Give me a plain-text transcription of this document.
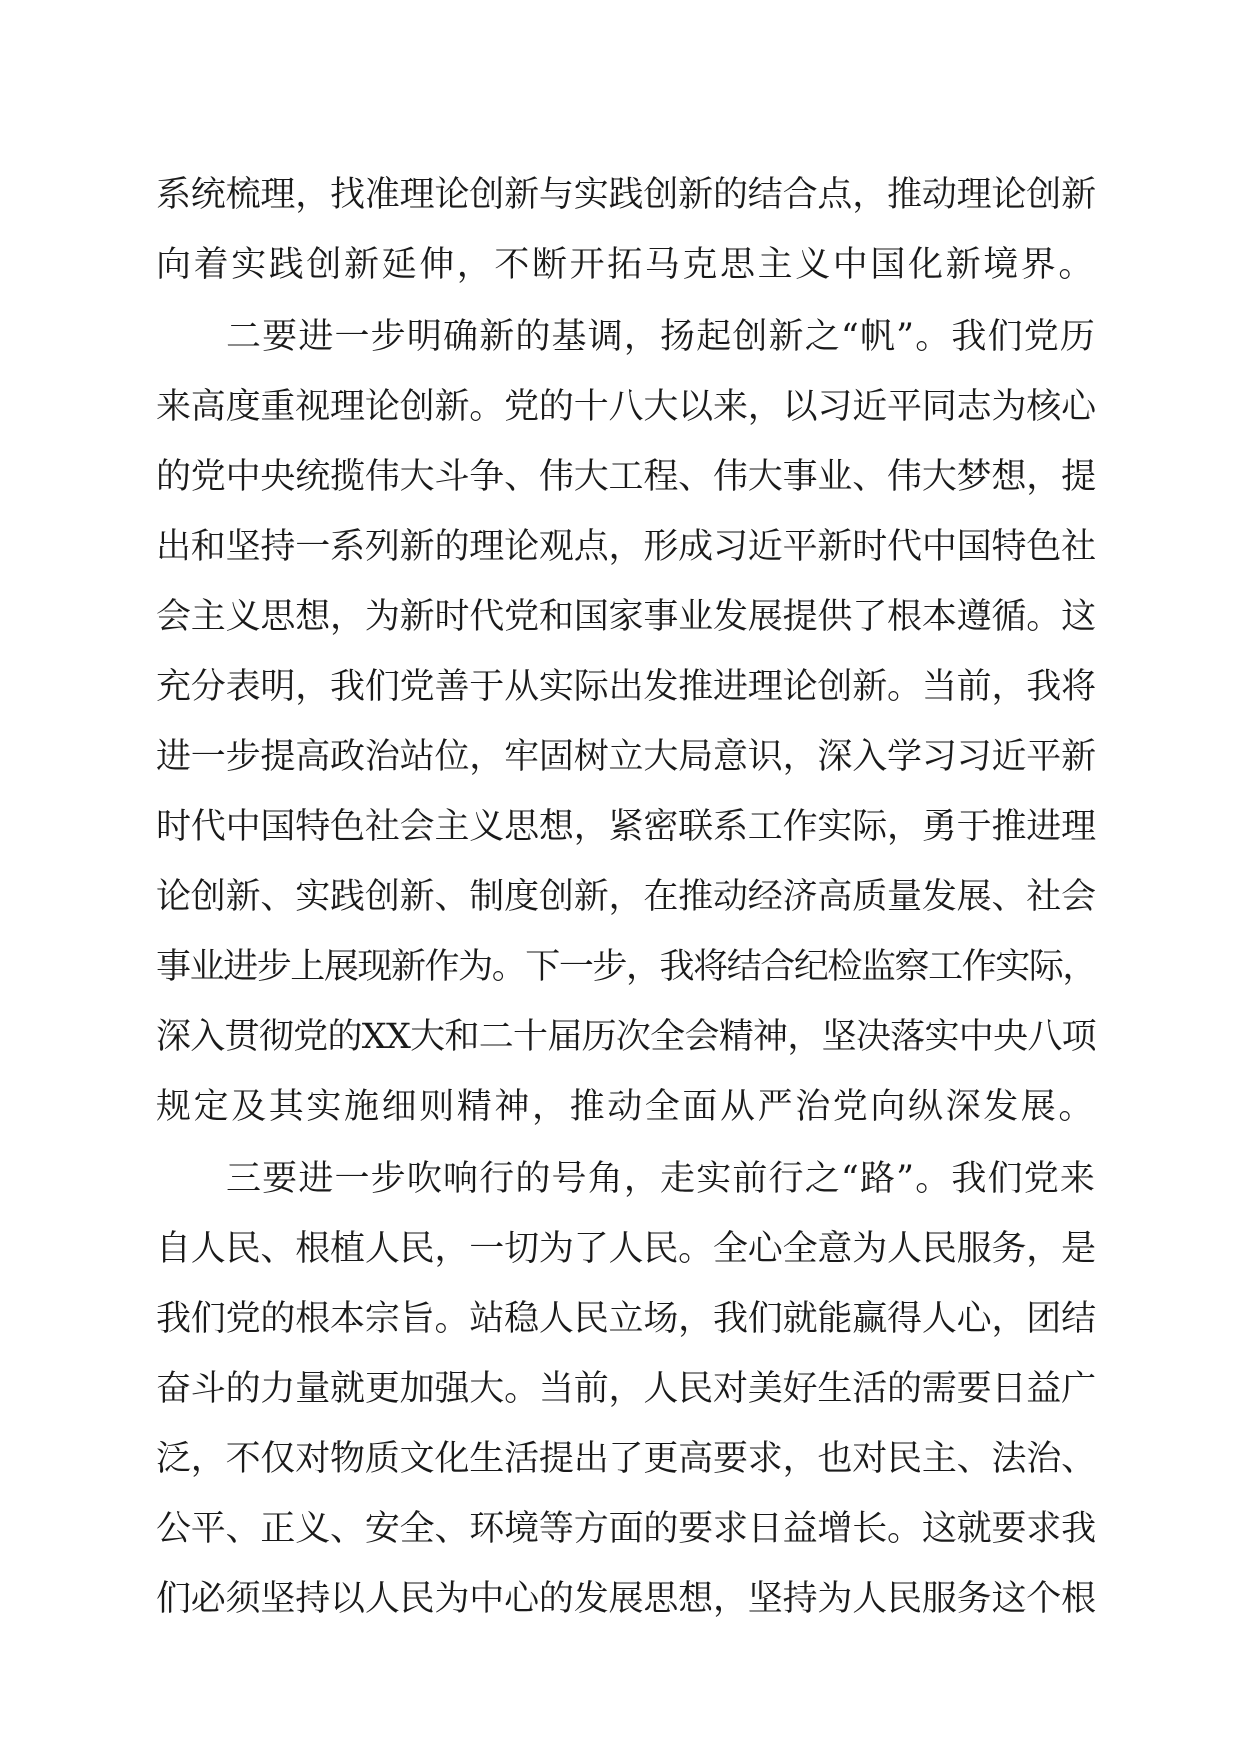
系统梳理，找准理论创新与实践创新的结合点，推动理论创新
向着实践创新延伸，不断开拓马克思主义中国化新境界。
二要进一步明确新的基调，扬起创新之“帆”。我们党历
来高度重视理论创新。党的十八大以来，以习近平同志为核心
的党中央统揽伟大斗争、伟大工程、伟大事业、伟大梦想，提
出和坚持一系列新的理论观点，形成习近平新时代中国特色社
会主义思想，为新时代党和国家事业发展提供了根本遵循。这
充分表明，我们党善于从实际出发推进理论创新。当前，我将
进一步提高政治站位，牢固树立大局意识，深入学习习近平新
时代中国特色社会主义思想，紧密联系工作实际，勇于推进理
论创新、实践创新、制度创新，在推动经济高质量发展、社会
事业进步上展现新作为。下一步，我将结合纪检监察工作实际，
深入贯彻党的XX大和二十届历次全会精神，坚决落实中央八项
规定及其实施细则精神，推动全面从严治党向纵深发展。
三要进一步吹响行的号角，走实前行之“路”。我们党来
自人民、根植人民，一切为了人民。全心全意为人民服务，是
我们党的根本宗旨。站稳人民立场，我们就能赢得人心，团结
奋斗的力量就更加强大。当前，人民对美好生活的需要日益广
泛，不仅对物质文化生活提出了更高要求，也对民主、法治、
公平、正义、安全、环境等方面的要求日益增长。这就要求我
们必须坚持以人民为中心的发展思想，坚持为人民服务这个根
